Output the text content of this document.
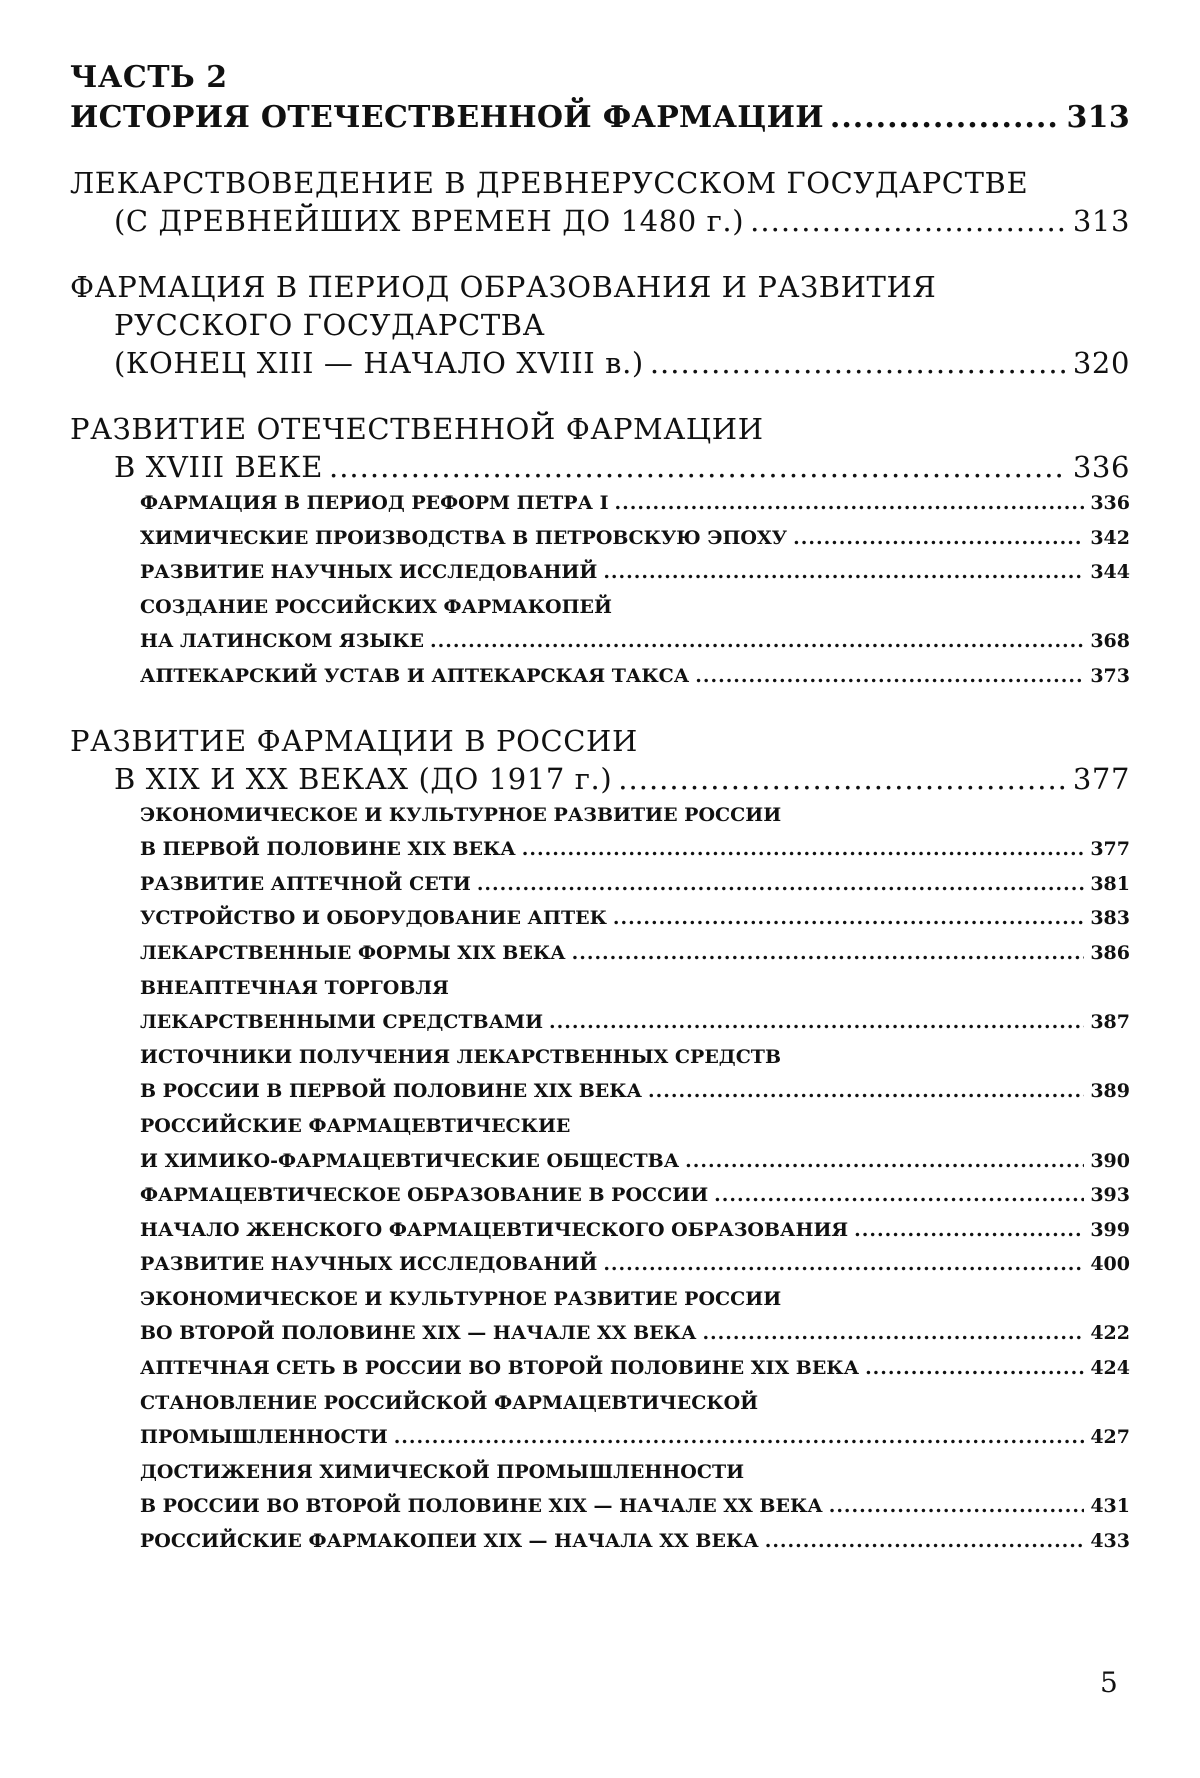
ЧАСТЬ 2
ИСТОРИЯ ОТЕЧЕСТВЕННОЙ ФАРМАЦИИ .....	313
ЛЕКАРСТВОВЕДЕНИЕ В ДРЕВНЕРУССКОМ ГОСУДАРСТВЕ
(С ДРЕВНЕЙШИХ ВРЕМЕН ДО 1480 г.) .....	313
ФАРМАЦИЯ В ПЕРИОД ОБРАЗОВАНИЯ И РАЗВИТИЯ
РУССКОГО ГОСУДАРСТВА
(КОНЕЦ XIII — НАЧАЛО XVIII в.) .....	320
РАЗВИТИЕ ОТЕЧЕСТВЕННОЙ ФАРМАЦИИ
В XVIII ВЕКЕ .....	336
ФАРМАЦИЯ В ПЕРИОД РЕФОРМ ПЕТРА I .....	336
ХИМИЧЕСКИЕ ПРОИЗВОДСТВА В ПЕТРОВСКУЮ ЭПОХУ .....	342
РАЗВИТИЕ НАУЧНЫХ ИССЛЕДОВАНИЙ .....	344
СОЗДАНИЕ РОССИЙСКИХ ФАРМАКОПЕЙ
НА ЛАТИНСКОМ ЯЗЫКЕ .....	368
АПТЕКАРСКИЙ УСТАВ И АПТЕКАРСКАЯ ТАКСА .....	373
РАЗВИТИЕ ФАРМАЦИИ В РОССИИ
В XIX И XX ВЕКАХ (ДО 1917 г.) .....	377
ЭКОНОМИЧЕСКОЕ И КУЛЬТУРНОЕ РАЗВИТИЕ РОССИИ
В ПЕРВОЙ ПОЛОВИНЕ XIX ВЕКА .....	377
РАЗВИТИЕ АПТЕЧНОЙ СЕТИ .....	381
УСТРОЙСТВО И ОБОРУДОВАНИЕ АПТЕК .....	383
ЛЕКАРСТВЕННЫЕ ФОРМЫ XIX ВЕКА .....	386
ВНЕАПТЕЧНАЯ ТОРГОВЛЯ
ЛЕКАРСТВЕННЫМИ СРЕДСТВАМИ .....	387
ИСТОЧНИКИ ПОЛУЧЕНИЯ ЛЕКАРСТВЕННЫХ СРЕДСТВ
В РОССИИ В ПЕРВОЙ ПОЛОВИНЕ XIX ВЕКА .....	389
РОССИЙСКИЕ ФАРМАЦЕВТИЧЕСКИЕ
И ХИМИКО-ФАРМАЦЕВТИЧЕСКИЕ ОБЩЕСТВА .....	390
ФАРМАЦЕВТИЧЕСКОЕ ОБРАЗОВАНИЕ В РОССИИ .....	393
НАЧАЛО ЖЕНСКОГО ФАРМАЦЕВТИЧЕСКОГО ОБРАЗОВАНИЯ .....	399
РАЗВИТИЕ НАУЧНЫХ ИССЛЕДОВАНИЙ .....	400
ЭКОНОМИЧЕСКОЕ И КУЛЬТУРНОЕ РАЗВИТИЕ РОССИИ
ВО ВТОРОЙ ПОЛОВИНЕ XIX — НАЧАЛЕ XX ВЕКА .....	422
АПТЕЧНАЯ СЕТЬ В РОССИИ ВО ВТОРОЙ ПОЛОВИНЕ XIX ВЕКА .....	424
СТАНОВЛЕНИЕ РОССИЙСКОЙ ФАРМАЦЕВТИЧЕСКОЙ
ПРОМЫШЛЕННОСТИ .....	427
ДОСТИЖЕНИЯ ХИМИЧЕСКОЙ ПРОМЫШЛЕННОСТИ
В РОССИИ ВО ВТОРОЙ ПОЛОВИНЕ XIX — НАЧАЛЕ XX ВЕКА .....	431
РОССИЙСКИЕ ФАРМАКОПЕИ XIX — НАЧАЛА XX ВЕКА .....	433
5
